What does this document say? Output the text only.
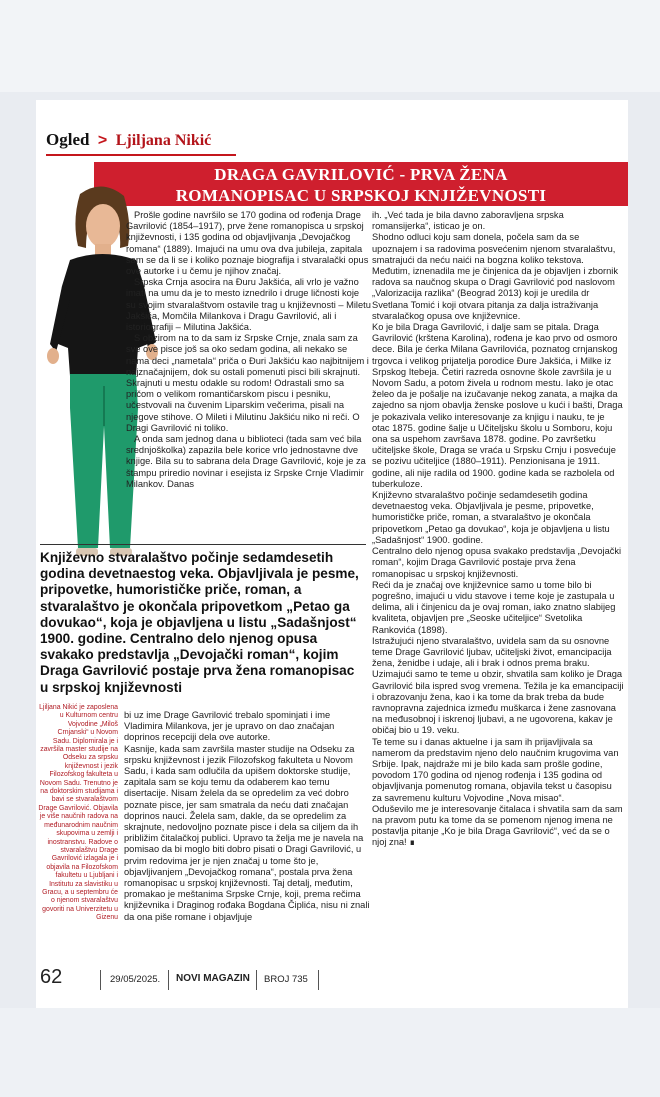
Ogled > Ljiljana Nikić
DRAGA GAVRILOVIĆ - PRVA ŽENA
ROMANOPISAC U SRPSKOJ KNJIŽEVNOSTI

Prošle godine navršilo se 170 godina od rođenja Drage Gavrilović (1854–1917), prve žene romanopisca u srpskoj književnosti, i 135 godina od objavljivanja „Devojačkog romana“ (1889). Imajući na umu ova dva jubileja, zapitala sam se da li se i koliko poznaje biografija i stvaralački opus ove autorke i u čemu je njihov značaj.

Srpska Crnja asocira na Đuru Jakšića, ali vrlo je važno imati na umu da je to mesto iznedrilo i druge ličnosti koje su svojim stvaralaštvom ostavile trag u književnosti – Miletu Jakšića, Momčila Milankova i Dragu Gavrilović, ali i istoriografiji – Milutina Jakšića.

S obzirom na to da sam iz Srpske Crnje, znala sam za sve ove pisce još sa oko sedam godina, ali nekako se nama deci „nametala“ priča o Đuri Jakšiću kao najbitnijem i najznačajnijem, dok su ostali pomenuti pisci bili skrajnuti. Skrajnuti u mestu odakle su rodom! Odrastali smo sa pričom o velikom romantičarskom piscu i pesniku, učestvovali na čuvenim Liparskim večerima, pisali na njegove stihove. O Mileti i Milutinu Jakšiću niko ni reči. O Dragi Gavrilović ni toliko.

A onda sam jednog dana u biblioteci (tada sam već bila srednjoškolka) zapazila bele korice vrlo jednostavne dve knjige. Bila su to sabrana dela Drage Gavrilović, koje je za štampu priredio novinar i esejista iz Srpske Crnje Vladimir Milankov. Danas

ih. „Već tada je bila davno zaboravljena srpska romansijerka“, isticao je on.

Shodno odluci koju sam donela, počela sam da se upoznajem i sa radovima posvećenim njenom stvaralaštvu, smatrajući da neću naići na bogzna koliko tekstova. Međutim, iznenadila me je činjenica da je objavljen i zbornik radova sa naučnog skupa o Dragi Gavrilović pod naslovom „Valorizacija razlika“ (Beograd 2013) koji je uredila dr Svetlana Tomić i koji otvara pitanja za dalja istraživanja stvaralačkog opusa ove književnice.

Ko je bila Draga Gavrilović, i dalje sam se pitala. Draga Gavrilović (krštena Karolina), rođena je kao prvo od osmoro dece. Bila je ćerka Milana Gavrilovića, poznatog crnjanskog trgovca i velikog prijatelja porodice Đure Jakšića, i Milke iz Srpskog Itebeja. Četiri razreda osnovne škole završila je u Novom Sadu, a potom živela u rodnom mestu. Iako je otac želeo da je pošalje na izučavanje nekog zanata, a majka da zajedno sa njom obavlja ženske poslove u kući i bašti, Draga je pokazivala veliko interesovanje za knjigu i nauku, te je otac 1875. godine šalje u Učiteljsku školu u Somboru, koju ona sa uspehom završava 1878. godine. Po završetku učiteljske škole, Draga se vraća u Srpsku Crnju i posvećuje se pozivu učiteljice (1880–1911). Penzionisana je 1911. godine, ali nije radila od 1900. godine kada se razbolela od tuberkuloze.

Književno stvaralaštvo počinje sedamdesetih godina devetnaestog veka. Objavljivala je pesme, pripovetke, humorističke priče, roman, a stvaralaštvo je okončala pripovetkom „Petao ga dovukao“, koja je objavljena u listu „Sadašnjost“ 1900. godine.

Centralno delo njenog opusa svakako predstavlja „Devojački roman“, kojim Draga Gavrilović postaje prva žena romanopisac u srpskoj književnosti.

Reći da je značaj ove književnice samo u tome bilo bi pogrešno, imajući u vidu stavove i teme koje je zastupala u delima, ali i činjenicu da je ovaj roman, iako znatno slabijeg kvaliteta, objavljen pre „Seoske učiteljice“ Svetolika Rankovića (1898).

Istražujući njeno stvaralaštvo, uvidela sam da su osnovne teme Drage Gavrilović ljubav, učiteljski život, emancipacija žena, ženidbe i udaje, ali i brak i odnos prema braku.

Uzimajući samo te teme u obzir, shvatila sam koliko je Draga Gavrilović bila ispred svog vremena. Težila je ka emancipaciji i obrazovanju žena, kao i ka tome da brak treba da bude ravnopravna zajednica između muškarca i žene zasnovana na međusobnoj i iskrenoj ljubavi, a ne ugovorena, kakav je običaj bio u 19. veku.

Te teme su i danas aktuelne i ja sam ih prijavljivala sa namerom da predstavim njeno delo naučnim krugovima van Srbije. Ipak, najdraže mi je bilo kada sam prošle godine, povodom 170 godina od njenog rođenja i 135 godina od objavljivanja pomenutog romana, objavila tekst u časopisu za savremenu kulturu Vojvodine „Nova misao“.

Oduševilo me je interesovanje čitalaca i shvatila sam da sam na pravom putu ka tome da se pomenom njenog imena ne postavlja pitanje „Ko je bila Draga Gavrilović“, već da se o njoj zna! ∎

Književno stvaralaštvo počinje sedamdesetih godina devetnaestog veka. Objavljivala je pesme, pripovetke, humorističke priče, roman, a stvaralaštvo je okončala pripovetkom „Petao ga dovukao“, koja je objavljena u listu „Sadašnjost“ 1900. godine. Centralno delo njenog opusa svakako predstavlja „Devojački roman“, kojim Draga Gavrilović postaje prva žena romanopisac u srpskoj književnosti
Ljiljana Nikić je zaposlena u Kulturnom centru Vojvodine „Miloš Crnjanski“ u Novom Sadu. Diplomirala je i završila master studije na Odseku za srpsku književnost i jezik Filozofskog fakulteta u Novom Sadu. Trenutno je na doktorskim studijama i bavi se stvaralaštvom Drage Gavrilović. Objavila je više naučnih radova na međunarodnim naučnim skupovima u zemlji i inostranstvu. Radove o stvaralaštvu Drage Gavrilović izlagala je i objavila na Filozofskom fakultetu u Ljubljani i Institutu za slavistiku u Gracu, a u septembru će o njenom stvaralaštvu govoriti na Univerzitetu u Gizenu

bi uz ime Drage Gavrilović trebalo spominjati i ime Vladimira Milankova, jer je upravo on dao značajan doprinos recepciji dela ove autorke.

Kasnije, kada sam završila master studije na Odseku za srpsku književnost i jezik Filozofskog fakulteta u Novom Sadu, i kada sam odlučila da upišem doktorske studije, zapitala sam se koju temu da odaberem kao temu disertacije. Nisam želela da se opredelim za već dobro poznate pisce, jer sam smatrala da neću dati značajan doprinos nauci. Želela sam, dakle, da se opredelim za skrajnute, nedovoljno poznate pisce i dela sa ciljem da ih približim čitalačkoj publici. Upravo ta želja me je navela na pomisao da bi moglo biti dobro pisati o Dragi Gavrilović, u prvim redovima jer je njen značaj u tome što je, objavljivanjem „Devojačkog romana“, postala prva žena romanopisac u srpskoj književnosti. Taj detalj, međutim, promakao je meštanima Srpske Crnje, koji, prema rečima književnika i Draginog rođaka Bogdana Čiplića, nisu ni znali da ona piše romane i objavljuje

62	29/05/2025. NOVI MAGAZIN BROJ 735
